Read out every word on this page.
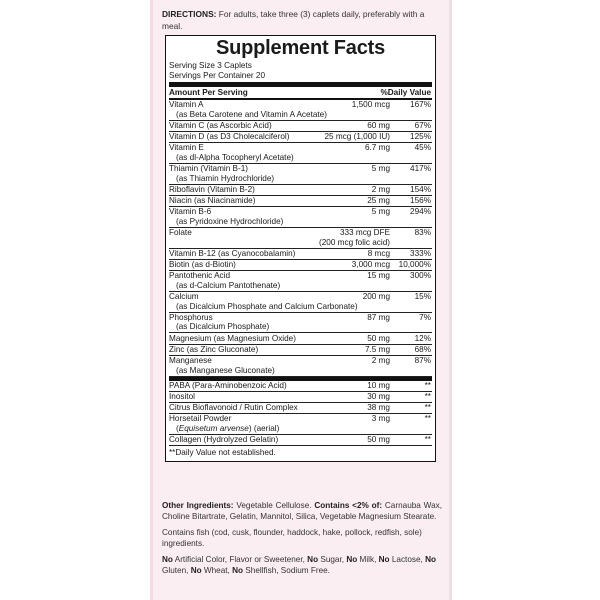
DIRECTIONS: For adults, take three (3) caplets daily, preferably with a meal.
Supplement Facts
Serving Size 3 Caplets
Servings Per Container 20
Amount Per Serving	%Daily Value
Vitamin A
(as Beta Carotene and Vitamin A Acetate)
1,500 mcg 167%
Vitamin C (as Ascorbic Acid)	60 mg	67%
Vitamin D (as D3 Cholecalciferol)	25 mcg (1,000 IU) 125%
Vitamin E
(as dl-Alpha Tocopheryl Acetate)
6.7 mg	45%
Thiamin (Vitamin B-1)
(as Thiamin Hydrochloride)
5 mg 417%
Riboflavin (Vitamin B-2)	2 mg 154%
Niacin (as Niacinamide)	25 mg 156%
Vitamin B-6
(as Pyridoxine Hydrochloride)
5 mg 294%
Folate
(200 mcg folic acid)
333 mcg DFE	83%
Vitamin B-12 (as Cyanocobalamin)	8 mcg 333%
Biotin (as d-Biotin)	3,000 mcg 10,000%
Pantothenic Acid
(as d-Calcium Pantothenate)
15 mg 300%
Calcium
(as Dicalcium Phosphate and Calcium Carbonate)
200 mg	15%
Phosphorus
(as Dicalcium Phosphate)
87 mg	7%
Magnesium (as Magnesium Oxide)	50 mg	12%
Zinc (as Zinc Gluconate)	7.5 mg	68%
Manganese
(as Manganese Gluconate)
2 mg	87%
PABA (Para-Aminobenzoic Acid)	10 mg	**
Inositol	30 mg	**
Citrus Bioflavonoid / Rutin Complex	38 mg	**
Horsetail Powder
(Equisetum arvense) (aerial)
3 mg	**
Collagen (Hydrolyzed Gelatin)	50 mg	**
**Daily Value not established.

Other Ingredients: Vegetable Cellulose. Contains <2% of: Carnauba Wax, Choline Bitartrate, Gelatin, Mannitol, Silica, Vegetable Magnesium Stearate.

Contains fish (cod, cusk, flounder, haddock, hake, pollock, redfish, sole) ingredients.

No Artificial Color, Flavor or Sweetener, No Sugar, No Milk, No Lactose, No Gluten, No Wheat, No Shellfish, Sodium Free.
